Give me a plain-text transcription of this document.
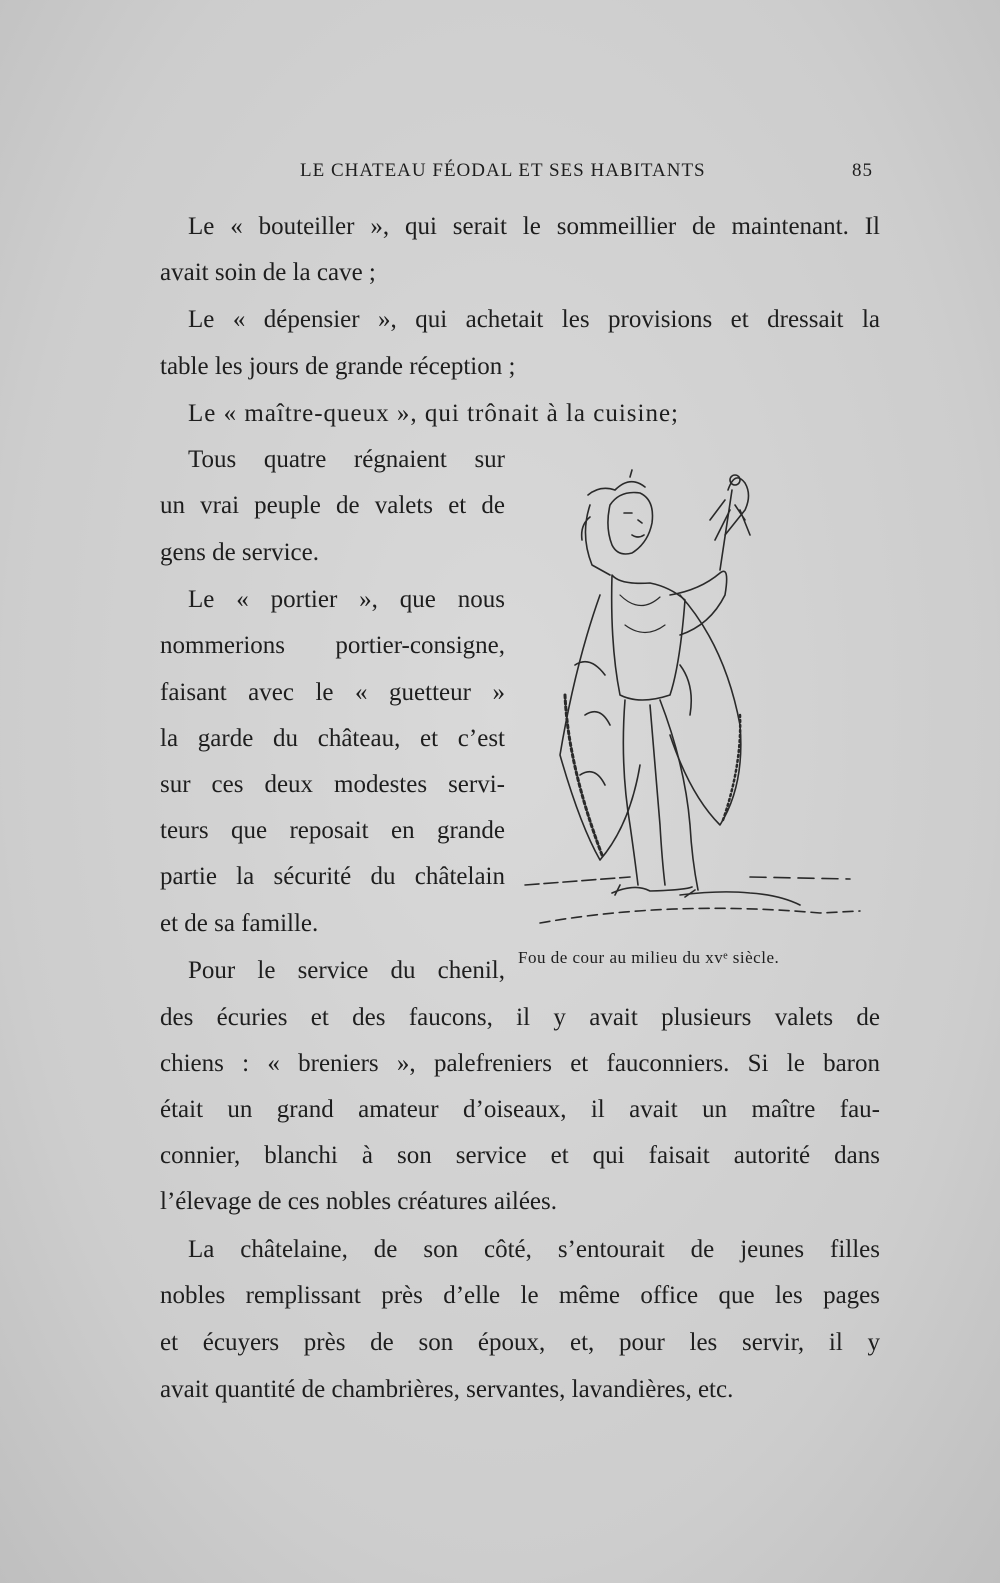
LE CHATEAU FÉODAL ET SES HABITANTS	85
Le « bouteiller », qui serait le sommeillier de maintenant. Il
avait soin de la cave ;
Le « dépensier », qui achetait les provisions et dressait la
table les jours de grande réception ;
Le « maître-queux », qui trônait à la cuisine;
Tous quatre régnaient sur
un vrai peuple de valets et de
gens de service.
Le « portier », que nous
nommerions portier-consigne,
faisant avec le « guetteur »
la garde du château, et c’est
sur ces deux modestes servi-
teurs que reposait en grande
partie la sécurité du châtelain
et de sa famille.
Pour le service du chenil,
des écuries et des faucons, il y avait plusieurs valets de
chiens : « breniers », palefreniers et fauconniers. Si le baron
était un grand amateur d’oiseaux, il avait un maître fau-
connier, blanchi à son service et qui faisait autorité dans
l’élevage de ces nobles créatures ailées.
La châtelaine, de son côté, s’entourait de jeunes filles
nobles remplissant près d’elle le même office que les pages
et écuyers près de son époux, et, pour les servir, il y
avait quantité de chambrières, servantes, lavandières, etc.
Fou de cour au milieu du xvᵉ siècle.
